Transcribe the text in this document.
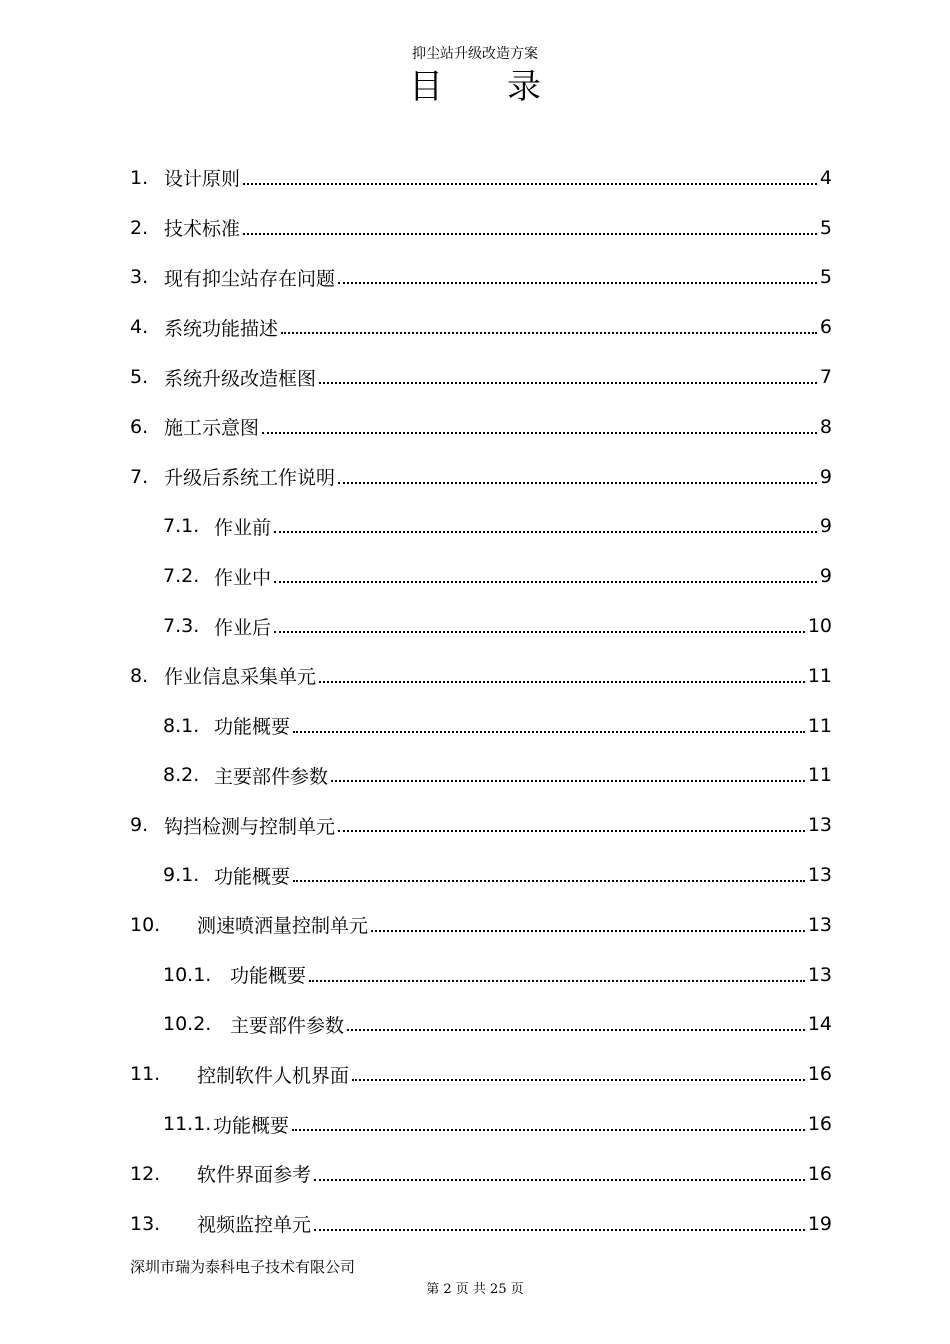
抑尘站升级改造方案
目录
1. 设计原则	4
2. 技术标准	5
3. 现有抑尘站存在问题	5
4. 系统功能描述	6
5. 系统升级改造框图	7
6. 施工示意图	8
7. 升级后系统工作说明	9
7.1. 作业前	9
7.2. 作业中	9
7.3. 作业后	10
8. 作业信息采集单元	11
8.1. 功能概要	11
8.2. 主要部件参数	11
9. 钩挡检测与控制单元	13
9.1. 功能概要	13
10.	测速喷洒量控制单元	13
10.1. 功能概要	13
10.2. 主要部件参数	14
11.	控制软件人机界面	16
11.1. 功能概要	16
12.	软件界面参考	16
13.	视频监控单元	19
深圳市瑞为泰科电子技术有限公司
第 2 页 共 25 页
